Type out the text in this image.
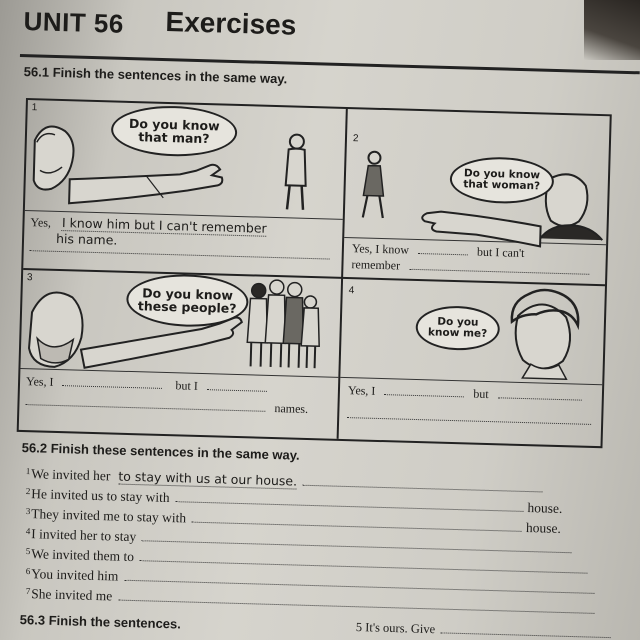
UNIT 56 Exercises
56.1 Finish the sentences in the same way.
1
2
3
4
Do you know
that man?
Yes, I know him but I can't remember
his name.
Do you know
that woman?
Yes, I know	but I can't
remember
Do you know
these people?
Yes, I	but I
names.
Do you
know me?
Yes, I	but
56.2 Finish these sentences in the same way.
$^1$We invited her to stay with us at our house.
$^2$He invited us to stay withhouse.
$^3$They invited me to stay withhouse.
$^4$I invited her to stay
$^5$We invited them to
$^6$You invited him
$^7$She invited me
56.3 Finish the sentences.	5 It's ours. Give
